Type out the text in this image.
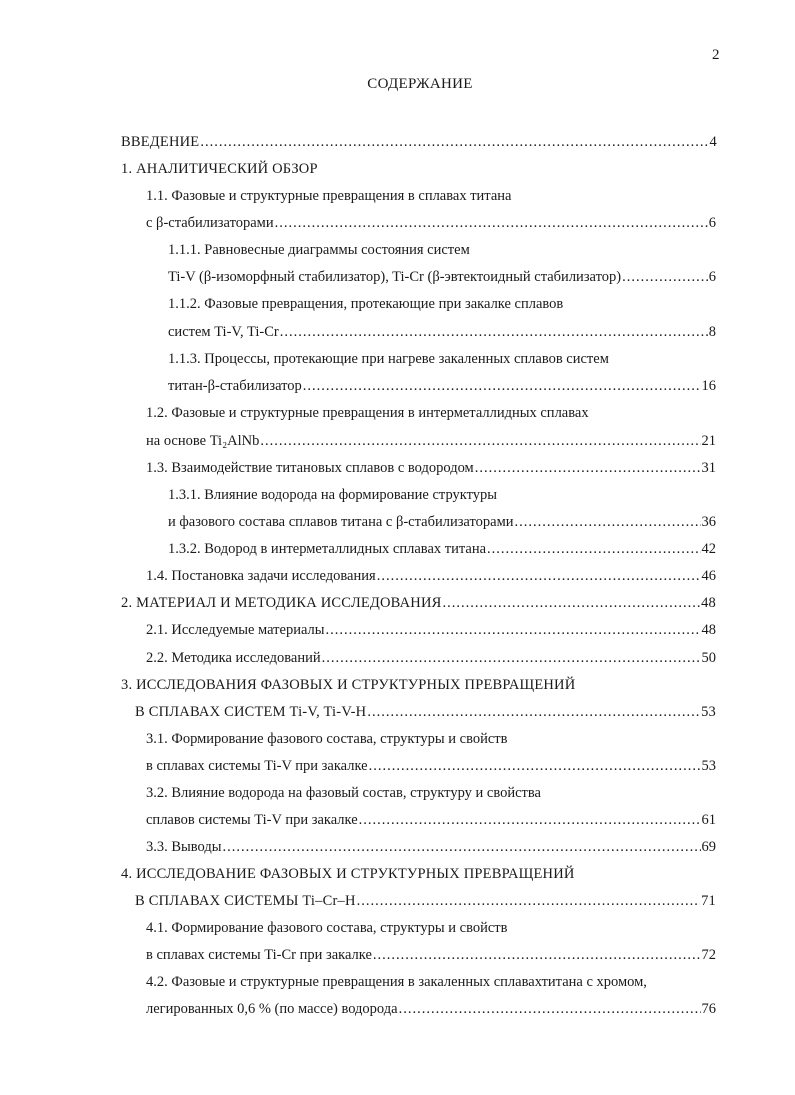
2
СОДЕРЖАНИЕ
ВВЕДЕНИЕ .....	4
1. АНАЛИТИЧЕСКИЙ ОБЗОР
1.1. Фазовые и структурные превращения в сплавах титана
с β-стабилизаторами .....	6
1.1.1. Равновесные диаграммы состояния систем
Ti-V (β-изоморфный стабилизатор), Ti-Cr (β-эвтектоидный стабилизатор) .....	6
1.1.2. Фазовые превращения, протекающие при закалке сплавов
систем Ti-V, Ti-Cr .....	8
1.1.3. Процессы, протекающие при нагреве закаленных сплавов систем
титан-β-стабилизатор .....	16
1.2. Фазовые и структурные превращения в интерметаллидных сплавах
на основе Ti₂AlNb .....	21
1.3. Взаимодействие титановых сплавов с водородом .....	31
1.3.1. Влияние водорода на формирование структуры
и фазового состава сплавов титана с β-стабилизаторами .....	36
1.3.2. Водород в интерметаллидных сплавах титана .....	42
1.4. Постановка задачи исследования .....	46
2. МАТЕРИАЛ И МЕТОДИКА ИССЛЕДОВАНИЯ .....	48
2.1. Исследуемые материалы .....	48
2.2. Методика исследований .....	50
3. ИССЛЕДОВАНИЯ ФАЗОВЫХ И СТРУКТУРНЫХ ПРЕВРАЩЕНИЙ
В СПЛАВАХ СИСТЕМ Ti-V, Ti-V-H .....	53
3.1. Формирование фазового состава, структуры и свойств
в сплавах системы Ti-V при закалке .....	53
3.2. Влияние водорода на фазовый состав, структуру и свойства
сплавов системы Ti-V при закалке .....	61
3.3. Выводы .....	69
4. ИССЛЕДОВАНИЕ ФАЗОВЫХ И СТРУКТУРНЫХ ПРЕВРАЩЕНИЙ
В СПЛАВАХ СИСТЕМЫ Ti–Cr–H .....	71
4.1. Формирование фазового состава, структуры и свойств
в сплавах системы Ti-Cr при закалке .....	72
4.2. Фазовые и структурные превращения в закаленных сплавахтитана с хромом,
легированных 0,6 % (по массе) водорода .....	76
